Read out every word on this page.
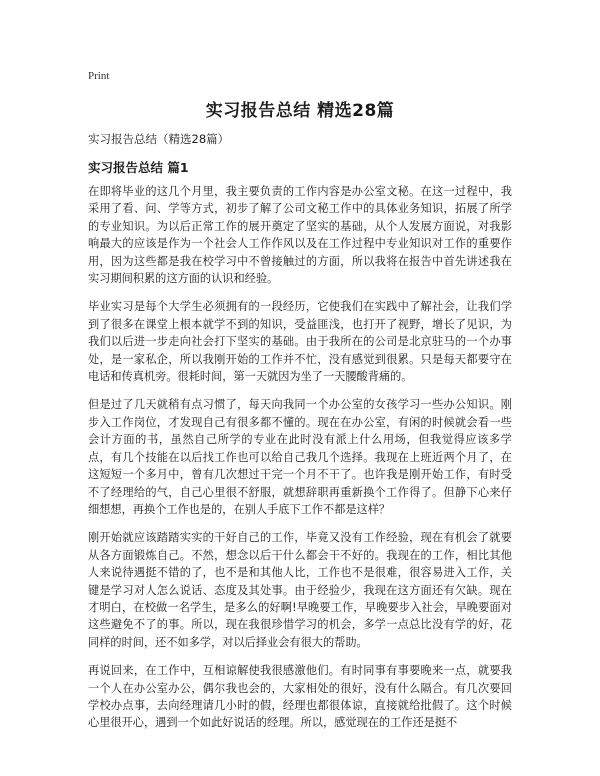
Print
实习报告总结 精选28篇
实习报告总结（精选28篇）
实习报告总结 篇1

在即将毕业的这几个月里，我主要负责的工作内容是办公室文秘。在这一过程中，我采用了看、问、学等方式，初步了解了公司文秘工作中的具体业务知识，拓展了所学的专业知识。为以后正常工作的展开奠定了坚实的基础，从个人发展方面说，对我影响最大的应该是作为一个社会人工作作风以及在工作过程中专业知识对工作的重要作用，因为这些都是我在校学习中不曾接触过的方面，所以我将在报告中首先讲述我在实习期间积累的这方面的认识和经验。

毕业实习是每个大学生必须拥有的一段经历，它使我们在实践中了解社会，让我们学到了很多在课堂上根本就学不到的知识，受益匪浅，也打开了视野，增长了见识，为我们以后进一步走向社会打下坚实的基础。由于我所在的公司是北京驻马的一个办事处，是一家私企，所以我刚开始的工作并不忙，没有感觉到很累。只是每天都要守在电话和传真机旁。很耗时间，第一天就因为坐了一天腰酸背痛的。

但是过了几天就稍有点习惯了，每天向我同一个办公室的女孩学习一些办公知识。刚步入工作岗位，才发现自己有很多都不懂的。现在在办公室，有闲的时候就会看一些会计方面的书，虽然自己所学的专业在此时没有派上什么用场，但我觉得应该多学点，有几个技能在以后找工作也可以给自己我几个选择。我现在上班近两个月了，在这短短一个多月中，曾有几次想过干完一个月不干了。也许我是刚开始工作，有时受不了经理给的气，自己心里很不舒服，就想辞职再重新换个工作得了。但静下心来仔细想想，再换个工作也是的，在别人手底下工作不都是这样？

刚开始就应该踏踏实实的干好自己的工作，毕竟又没有工作经验，现在有机会了就要从各方面锻炼自己。不然，想念以后干什么都会干不好的。我现在的工作，相比其他人来说待遇挺不错的了，也不是和其他人比，工作也不是很难，很容易进入工作，关键是学习对人怎么说话、态度及其处事。由于经验少，我现在这方面还有欠缺。现在才明白，在校做一名学生，是多么的好啊!早晚要工作，早晚要步入社会，早晚要面对这些避免不了的事。所以，现在我很珍惜学习的机会，多学一点总比没有学的好，花同样的时间，还不如多学，对以后择业会有很大的帮助。

再说回来，在工作中，互相谅解使我很感激他们。有时同事有事要晚来一点，就要我一个人在办公室办公，偶尔我也会的，大家相处的很好，没有什么隔合。有几次要回学校办点事，去向经理请几小时的假，经理也都很体谅，直接就给批假了。这个时候心里很开心，遇到一个如此好说话的经理。所以，感觉现在的工作还是挺不
